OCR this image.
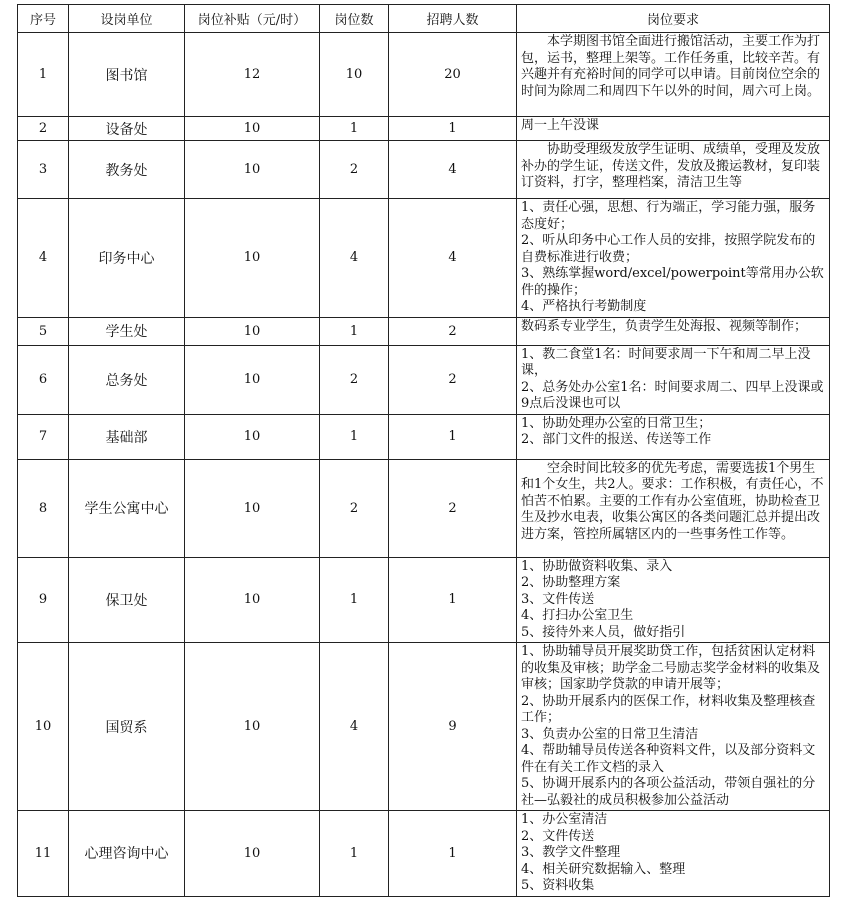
序号	设岗单位	岗位补贴（元/时）	岗位数	招聘人数	岗位要求
1	图书馆	12	10	20	　　本学期图书馆全面进行搬馆活动，主要工作为打包，运书，整理上架等。工作任务重，比较辛苦。有兴趣并有充裕时间的同学可以申请。目前岗位空余的时间为除周二和周四下午以外的时间，周六可上岗。

2	设备处	10	1	1	周一上午没课

3	教务处	10	2	4	　　协助受理级发放学生证明、成绩单，受理及发放补办的学生证，传送文件，发放及搬运教材，复印装订资料，打字，整理档案，清洁卫生等

4	印务中心	10	4	4	1、责任心强，思想、行为端正，学习能力强，服务态度好；
2、听从印务中心工作人员的安排，按照学院发布的自费标准进行收费；
3、熟练掌握word/excel/powerpoint等常用办公软件的操作；
4、严格执行考勤制度

5	学生处	10	1	2	数码系专业学生，负责学生处海报、视频等制作；

6	总务处	10	2	2	1、教二食堂1名：时间要求周一下午和周二早上没课，
2、总务处办公室1名：时间要求周二、四早上没课或9点后没课也可以

7	基础部	10	1	1	1、协助处理办公室的日常卫生；
2、部门文件的报送、传送等工作

8	学生公寓中心	10	2	2	　　空余时间比较多的优先考虑，需要选拔1个男生和1个女生，共2人。要求：工作积极，有责任心，不怕苦不怕累。主要的工作有办公室值班，协助检查卫生及抄水电表，收集公寓区的各类问题汇总并提出改进方案，管控所属辖区内的一些事务性工作等。

9	保卫处	10	1	1	1、协助做资料收集、录入
2、协助整理方案
3、文件传送
4、打扫办公室卫生
5、接待外来人员，做好指引

10	国贸系	10	4	9	1、协助辅导员开展奖助贷工作，包括贫困认定材料的收集及审核；助学金二号励志奖学金材料的收集及审核；国家助学贷款的申请开展等；
2、协助开展系内的医保工作，材料收集及整理核查工作；
3、负责办公室的日常卫生清洁
4、帮助辅导员传送各种资料文件，以及部分资料文件在有关工作文档的录入
5、协调开展系内的各项公益活动，带领自强社的分社—弘毅社的成员积极参加公益活动

11	心理咨询中心	10	1	1	1、办公室清洁
2、文件传送
3、教学文件整理
4、相关研究数据输入、整理
5、资料收集
